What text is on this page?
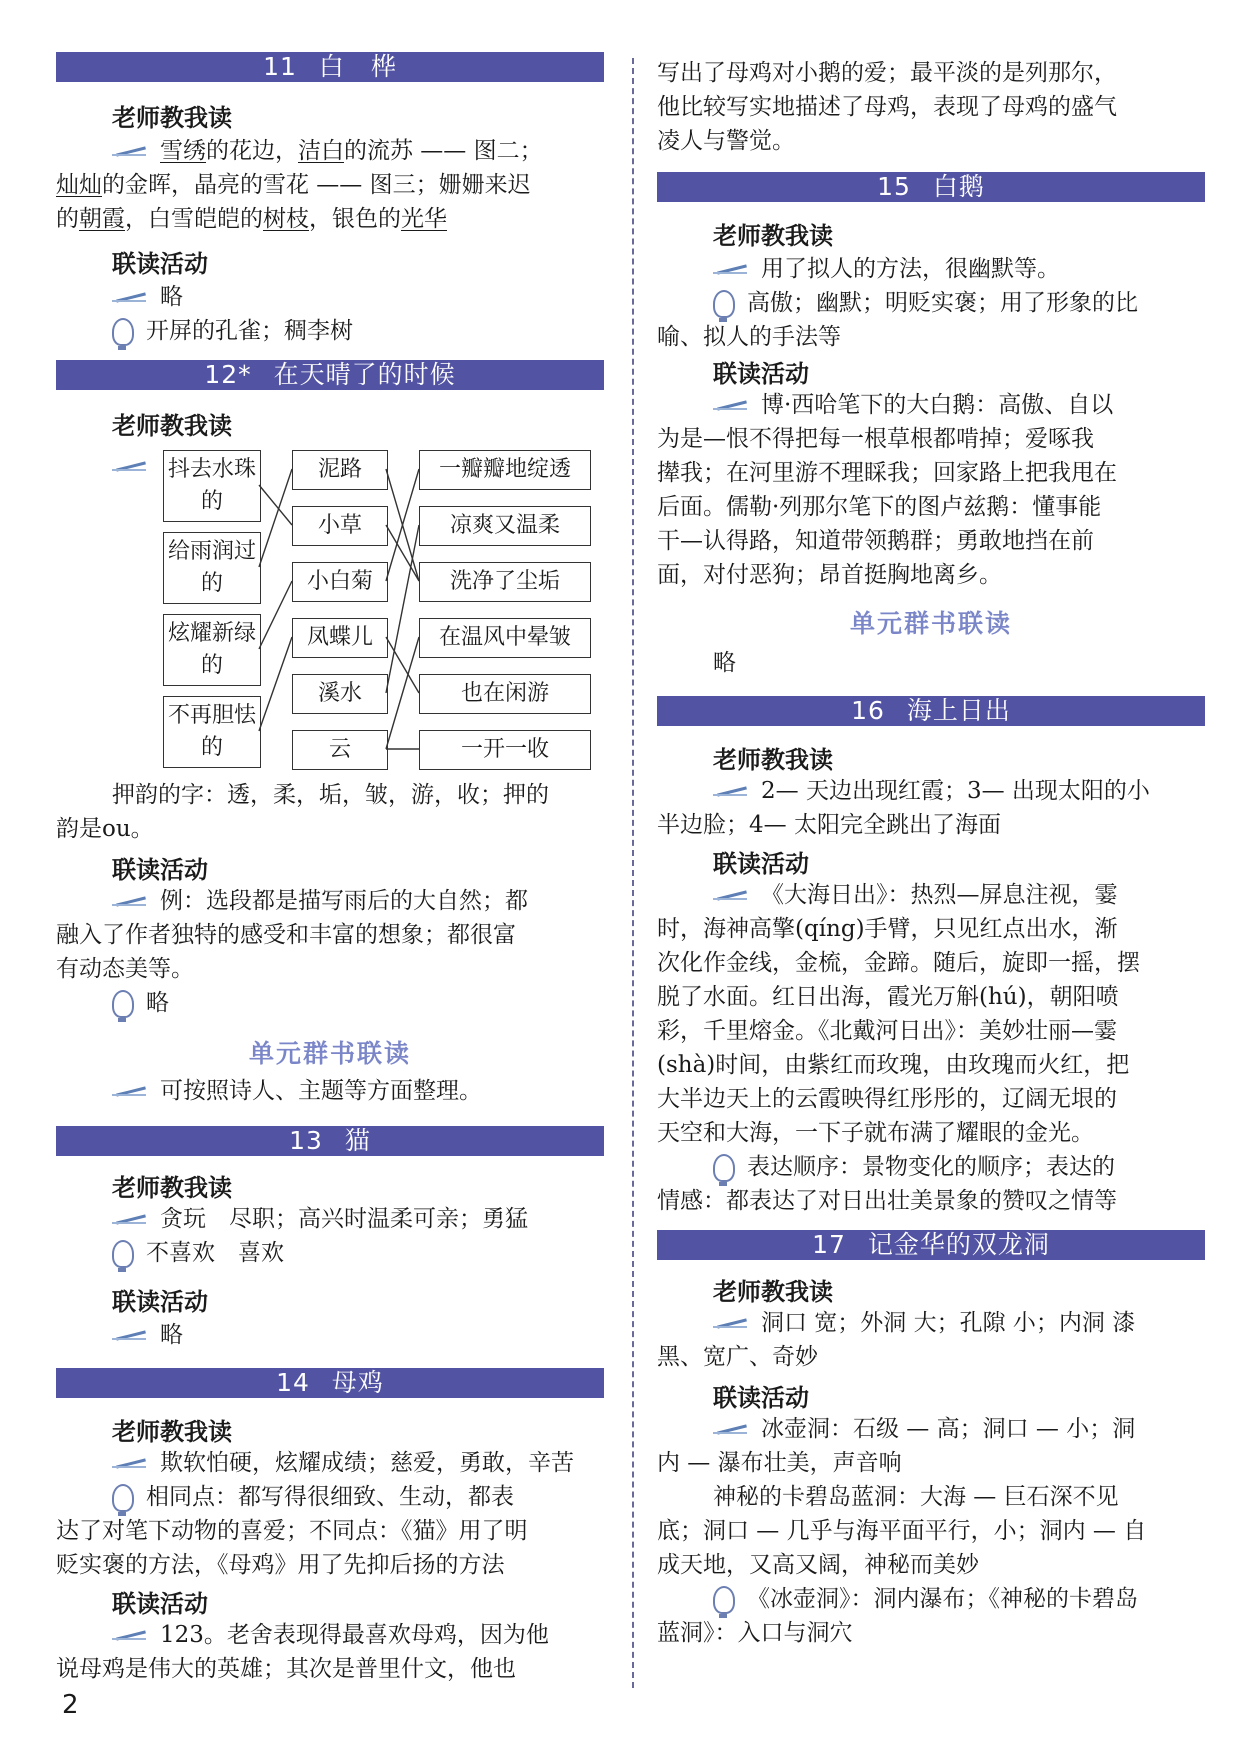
11 白　桦
老师教我读

雪绣的花边，洁白的流苏 —— 图二；

灿灿的金晖，晶亮的雪花 —— 图三；姗姗来迟

的朝霞，白雪皑皑的树枝，银色的光华

联读活动

略

开屏的孔雀；稠李树

12* 在天晴了的时候
老师教我读
抖去水珠的
给雨润过的
炫耀新绿的
不再胆怯的
泥路
小草
小白菊
凤蝶儿
溪水
云
一瓣瓣地绽透
凉爽又温柔
洗净了尘垢
在温风中晕皱
也在闲游
一开一收

押韵的字：透，柔，垢，皱，游，收；押的

韵是ou。

联读活动

例：选段都是描写雨后的大自然；都

融入了作者独特的感受和丰富的想象；都很富

有动态美等。

略

单元群书联读

可按照诗人、主题等方面整理。

13 猫
老师教我读

贪玩　尽职；高兴时温柔可亲；勇猛

不喜欢　喜欢

联读活动

略

14 母鸡
老师教我读

欺软怕硬，炫耀成绩；慈爱，勇敢，辛苦

相同点：都写得很细致、生动，都表

达了对笔下动物的喜爱；不同点：《猫》用了明

贬实褒的方法，《母鸡》用了先抑后扬的方法

联读活动

123。老舍表现得最喜欢母鸡，因为他

说母鸡是伟大的英雄；其次是普里什文，他也

2

写出了母鸡对小鹅的爱；最平淡的是列那尔，

他比较写实地描述了母鸡，表现了母鸡的盛气

凌人与警觉。

15 白鹅
老师教我读

用了拟人的方法，很幽默等。

高傲；幽默；明贬实褒；用了形象的比

喻、拟人的手法等

联读活动

博·西哈笔下的大白鹅：高傲、自以

为是—恨不得把每一根草根都啃掉；爱啄我

撵我；在河里游不理睬我；回家路上把我甩在

后面。儒勒·列那尔笔下的图卢兹鹅：懂事能

干—认得路，知道带领鹅群；勇敢地挡在前

面，对付恶狗；昂首挺胸地离乡。

单元群书联读

略

16 海上日出
老师教我读

2— 天边出现红霞；3— 出现太阳的小

半边脸；4— 太阳完全跳出了海面

联读活动

《大海日出》：热烈—屏息注视，霎

时，海神高擎(qíng)手臂，只见红点出水，渐

次化作金线，金梳，金蹄。随后，旋即一摇，摆

脱了水面。红日出海，霞光万斛(hú)，朝阳喷

彩，千里熔金。《北戴河日出》：美妙壮丽—霎

(shà)时间，由紫红而玫瑰，由玫瑰而火红，把

大半边天上的云霞映得红彤彤的，辽阔无垠的

天空和大海，一下子就布满了耀眼的金光。

表达顺序：景物变化的顺序；表达的

情感：都表达了对日出壮美景象的赞叹之情等

17 记金华的双龙洞
老师教我读

洞口 宽；外洞 大；孔隙 小；内洞 漆

黑、宽广、奇妙

联读活动

冰壶洞：石级 — 高；洞口 — 小；洞

内 — 瀑布壮美，声音响

神秘的卡碧岛蓝洞：大海 — 巨石深不见

底；洞口 — 几乎与海平面平行，小；洞内 — 自

成天地，又高又阔，神秘而美妙

《冰壶洞》：洞内瀑布；《神秘的卡碧岛

蓝洞》：入口与洞穴
